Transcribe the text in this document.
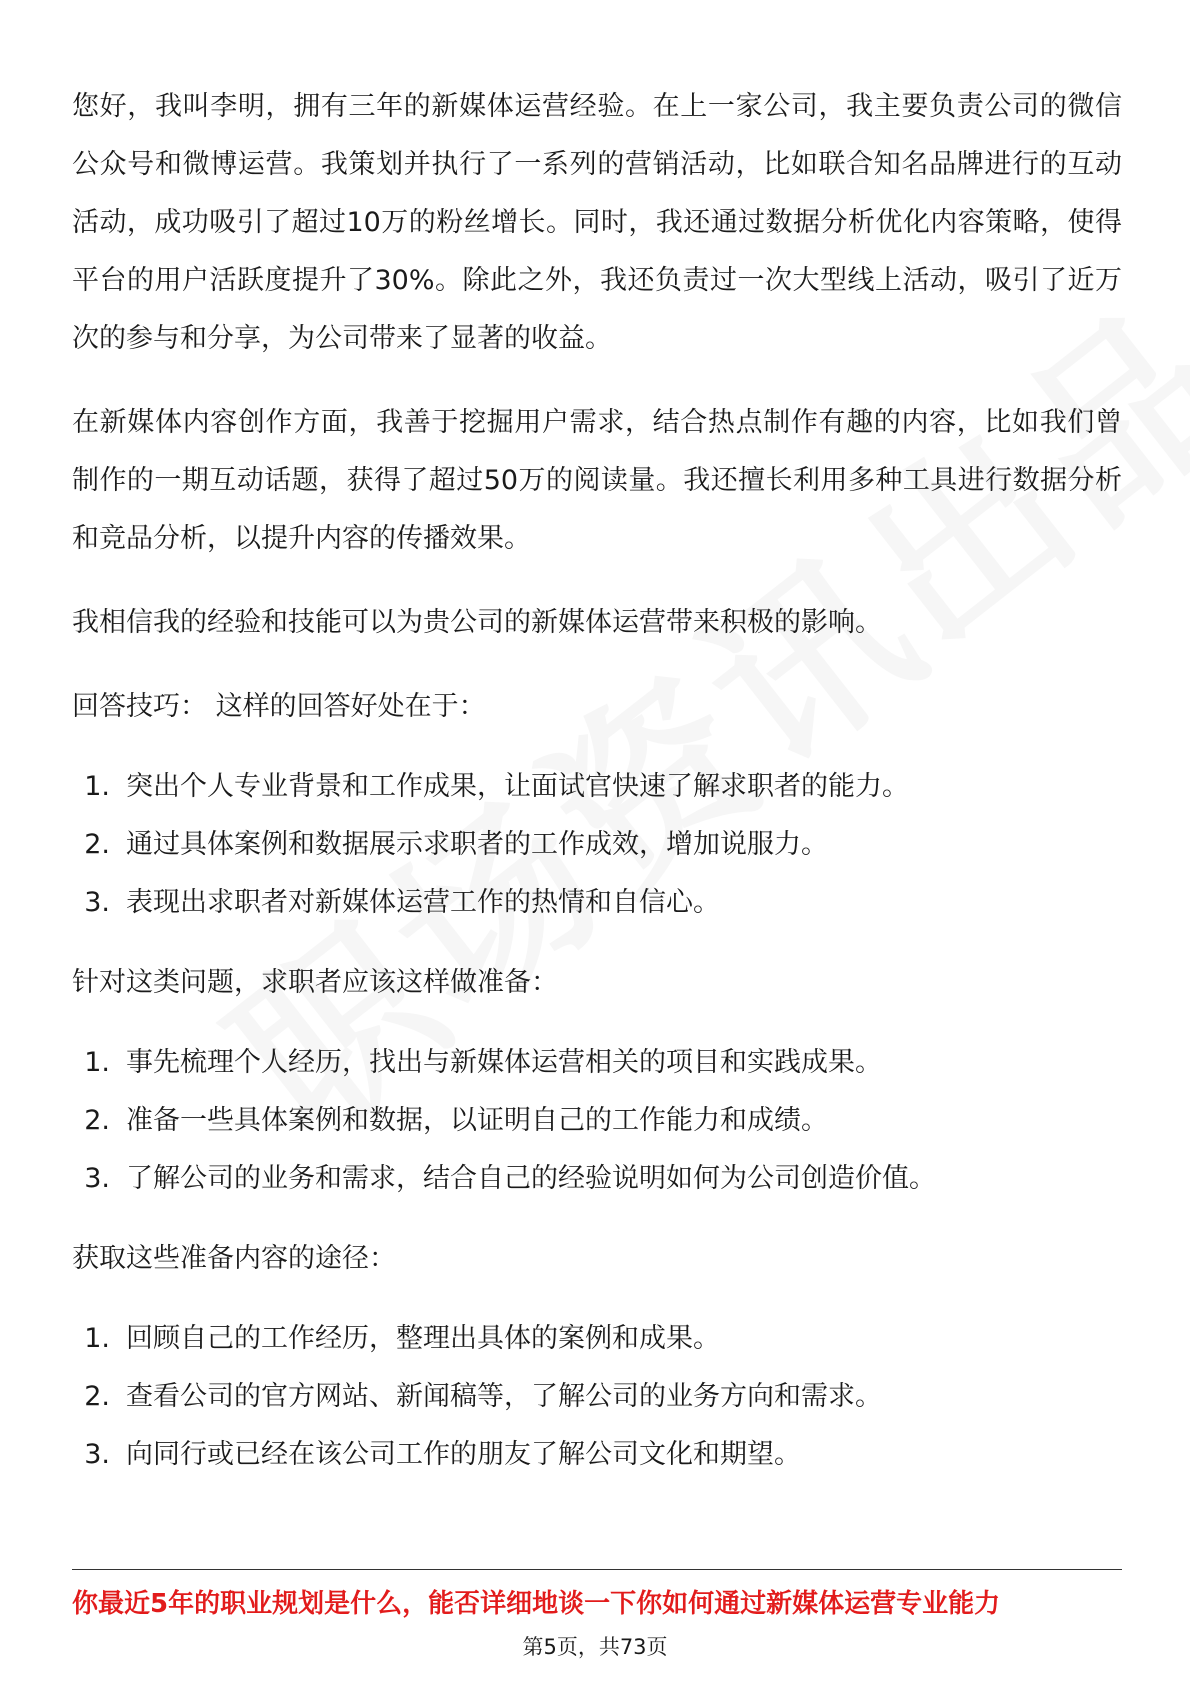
您好，我叫李明，拥有三年的新媒体运营经验。在上一家公司，我主要负责公司的微信公众号和微博运营。我策划并执行了一系列的营销活动，比如联合知名品牌进行的互动活动，成功吸引了超过10万的粉丝增长。同时，我还通过数据分析优化内容策略，使得平台的用户活跃度提升了30%。除此之外，我还负责过一次大型线上活动，吸引了近万次的参与和分享，为公司带来了显著的收益。

在新媒体内容创作方面，我善于挖掘用户需求，结合热点制作有趣的内容，比如我们曾制作的一期互动话题，获得了超过50万的阅读量。我还擅长利用多种工具进行数据分析和竞品分析，以提升内容的传播效果。

我相信我的经验和技能可以为贵公司的新媒体运营带来积极的影响。

回答技巧： 这样的回答好处在于：
1. 突出个人专业背景和工作成果，让面试官快速了解求职者的能力。
2. 通过具体案例和数据展示求职者的工作成效，增加说服力。
3. 表现出求职者对新媒体运营工作的热情和自信心。
针对这类问题，求职者应该这样做准备：
1. 事先梳理个人经历，找出与新媒体运营相关的项目和实践成果。
2. 准备一些具体案例和数据，以证明自己的工作能力和成绩。
3. 了解公司的业务和需求，结合自己的经验说明如何为公司创造价值。
获取这些准备内容的途径：
1. 回顾自己的工作经历，整理出具体的案例和成果。
2. 查看公司的官方网站、新闻稿等，了解公司的业务方向和需求。
3. 向同行或已经在该公司工作的朋友了解公司文化和期望。
你最近5年的职业规划是什么，能否详细地谈一下你如何通过新媒体运营专业能力
第5页，共73页
